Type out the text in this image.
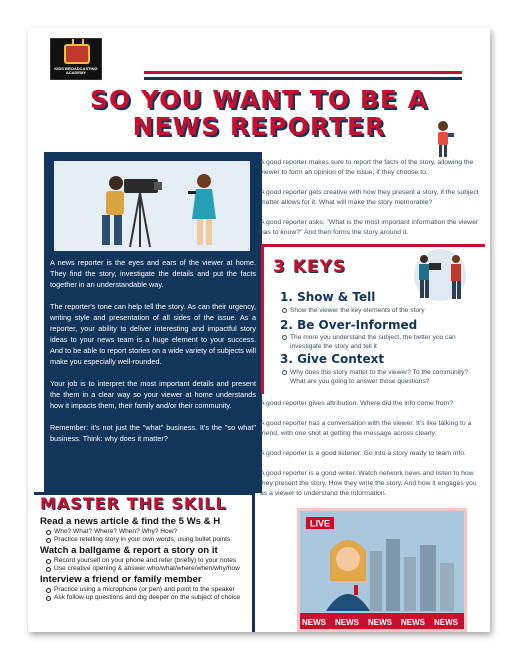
KIDS BROADCASTING ACADEMY
SO YOU WANT TO BE A
NEWS REPORTER

A news reporter is the eyes and ears of the viewer at home. They find the story, investigate the details and put the facts together in an understandable way.

The reporter's tone can help tell the story. As can their urgency, writing style and presentation of all sides of the issue. As a reporter, your ability to deliver interesting and impactful story ideas to your news team is a huge element to your success. And to be able to report stories on a wide variety of subjects will make you especially well-rounded.

Your job is to interpret the most important details and present the them in a clear way so your viewer at home understands how it impacts them, their family and/or their community.

Remember: it's not just the "what" business. It's the "so what" business. Think: why does it matter?

A good reporter makes sure to report the facts of the story, allowing the viewer to form an opinion of the issue, if they choose to.
A good reporter gets creative with how they present a story, if the subject matter allows for it. What will make the story memorable?
A good reporter asks: "What is the most important information the viewer has to know?" And then forms the story around it.
3 KEYS
1. Show & Tell
Show the viewer the key elements of the story
2. Be Over-Informed
The more you understand the subject, the better you can investigate the story and tell it
3. Give Context
Why does this story matter to the viewer? To the community? What are you going to answer those questions?
A good reporter gives attribution. Where did the info come from?
A good reporter has a conversation with the viewer. It's like talking to a friend, with one shot at getting the message across clearly.
A good reporter is a good listener. Go into a story ready to learn info.
A good reporter is a good writer. Watch network news and listen to how they present the story. How they write the story. And how it engages you as a viewer to understand the information.
MASTER THE SKILL
Read a news article & find the 5 Ws & H
Who? What? Where? When? Why? How?
Practice retelling story in your own words, using bullet points
Watch a ballgame & report a story on it
Record yourself on your phone and refer (briefly) to your notes
Use creative opening & answer who/what/where/when/why/how
Interview a friend or family member
Practice using a microphone (or pen) and point to the speaker
Ask follow-up questions and dig deeper on the subject of choice
LIVE
NEWS NEWS NEWS NEWS NEWS
